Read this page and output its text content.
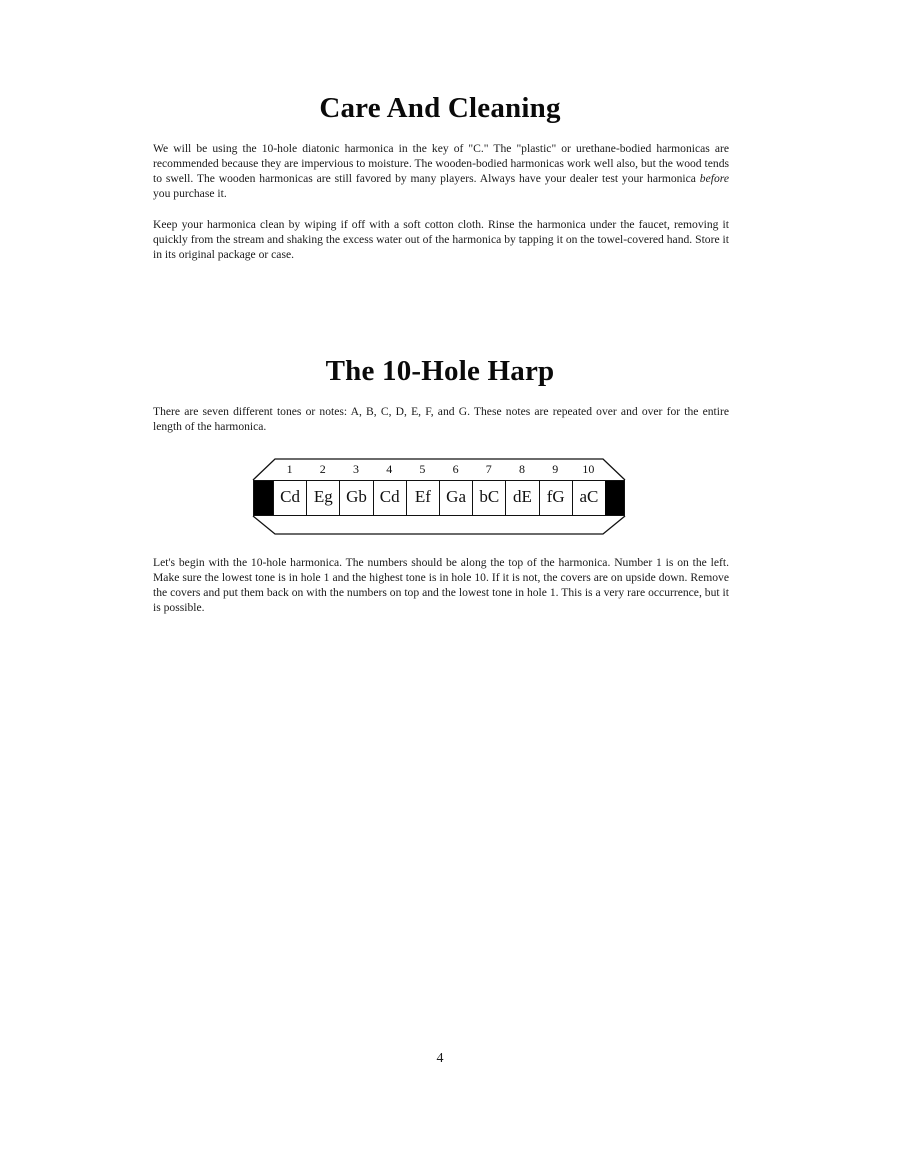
Care And Cleaning

We will be using the 10-hole diatonic harmonica in the key of "C." The "plastic" or urethane-bodied harmonicas are recommended because they are impervious to moisture. The wooden-bodied harmonicas work well also, but the wood tends to swell. The wooden harmonicas are still favored by many players. Always have your dealer test your harmonica before you purchase it.

Keep your harmonica clean by wiping if off with a soft cotton cloth. Rinse the harmonica under the faucet, removing it quickly from the stream and shaking the excess water out of the harmonica by tapping it on the towel-covered hand. Store it in its original package or case.

The 10-Hole Harp

There are seven different tones or notes: A, B, C, D, E, F, and G. These notes are repeated over and over for the entire length of the harmonica.

1	2	3	4	5	6	7	8	9	10
Cd Eg Gb Cd Ef Ga bC dE fG aC

Let's begin with the 10-hole harmonica. The numbers should be along the top of the harmonica. Number 1 is on the left. Make sure the lowest tone is in hole 1 and the highest tone is in hole 10. If it is not, the covers are on upside down. Remove the covers and put them back on with the numbers on top and the lowest tone in hole 1. This is a very rare occurrence, but it is possible.

4
